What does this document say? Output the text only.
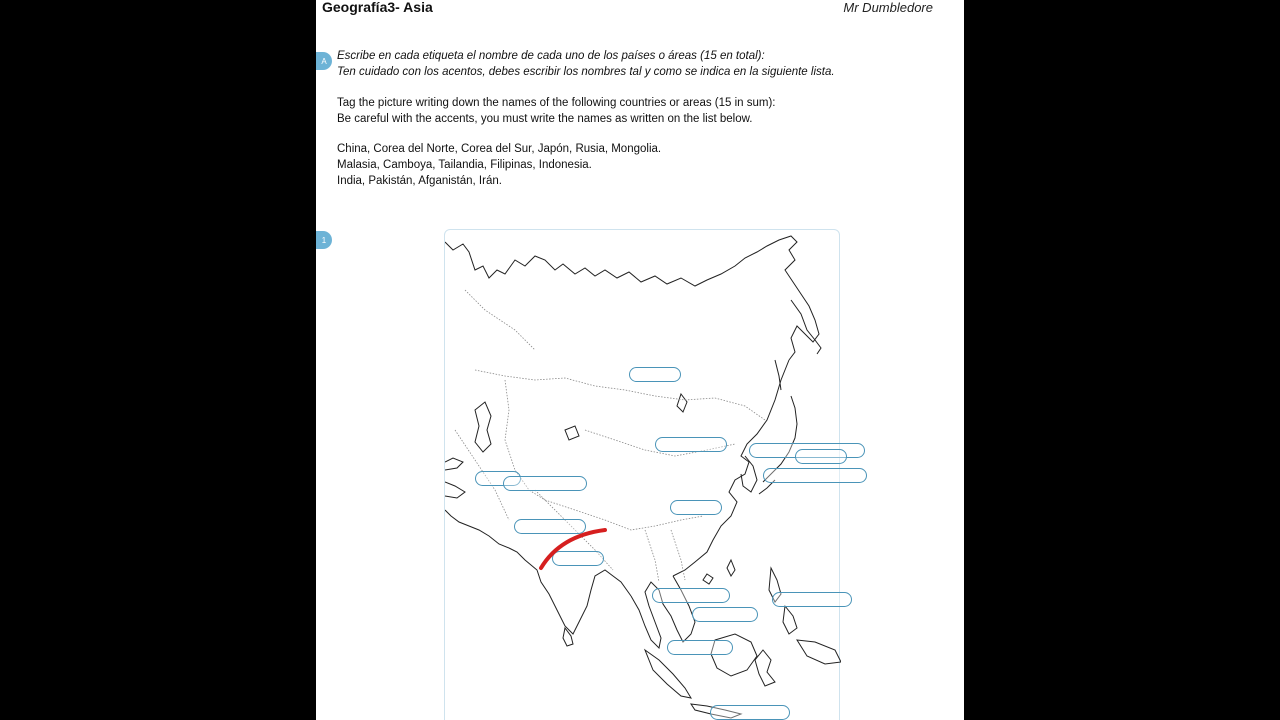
Geografía3- Asia	Mr Dumbledore
A
1

Escribe en cada etiqueta el nombre de cada uno de los países o áreas (15 en total):

Ten cuidado con los acentos, debes escribir los nombres tal y como se indica en la siguiente lista.

Tag the picture writing down the names of the following countries or areas (15 in sum):

Be careful with the accents, you must write the names as written on the list below.

China, Corea del Norte, Corea del Sur, Japón, Rusia, Mongolia.

Malasia, Camboya, Tailandia, Filipinas, Indonesia.

India, Pakistán, Afganistán, Irán.
